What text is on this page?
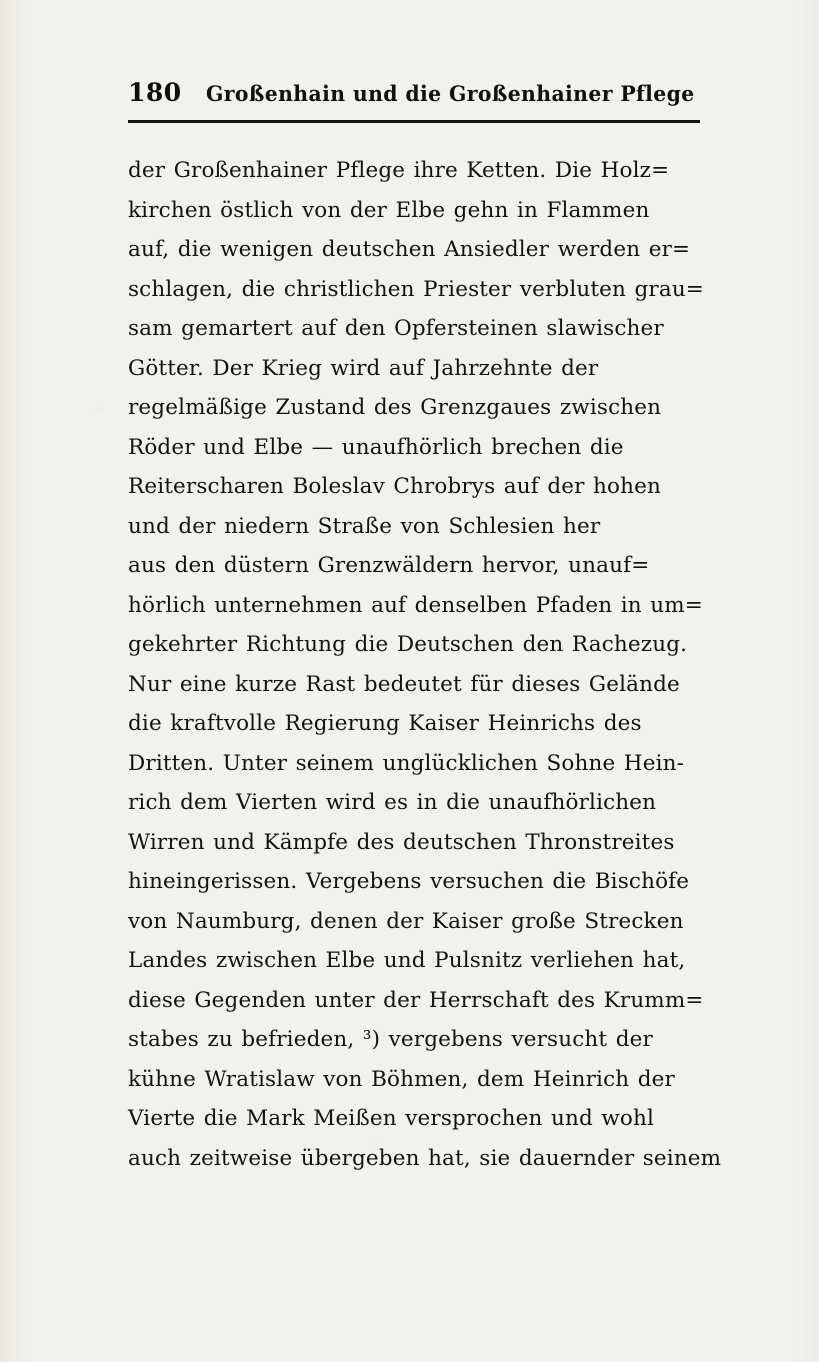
180 Großenhain und die Großenhainer Pflege
der Großenhainer Pflege ihre Ketten. Die Holz=
kirchen östlich von der Elbe gehn in Flammen
auf, die wenigen deutschen Ansiedler werden er=
schlagen, die christlichen Priester verbluten grau=
sam gemartert auf den Opfersteinen slawischer
Götter. Der Krieg wird auf Jahrzehnte der
regelmäßige Zustand des Grenzgaues zwischen
Röder und Elbe — unaufhörlich brechen die
Reiterscharen Boleslav Chrobrys auf der hohen
und der niedern Straße von Schlesien her
aus den düstern Grenzwäldern hervor, unauf=
hörlich unternehmen auf denselben Pfaden in um=
gekehrter Richtung die Deutschen den Rachezug.
Nur eine kurze Rast bedeutet für dieses Gelände
die kraftvolle Regierung Kaiser Heinrichs des
Dritten. Unter seinem unglücklichen Sohne Hein-
rich dem Vierten wird es in die unaufhörlichen
Wirren und Kämpfe des deutschen Thronstreites
hineingerissen. Vergebens versuchen die Bischöfe
von Naumburg, denen der Kaiser große Strecken
Landes zwischen Elbe und Pulsnitz verliehen hat,
diese Gegenden unter der Herrschaft des Krumm=
stabes zu befrieden, ³) vergebens versucht der
kühne Wratislaw von Böhmen, dem Heinrich der
Vierte die Mark Meißen versprochen und wohl
auch zeitweise übergeben hat, sie dauernder seinem
